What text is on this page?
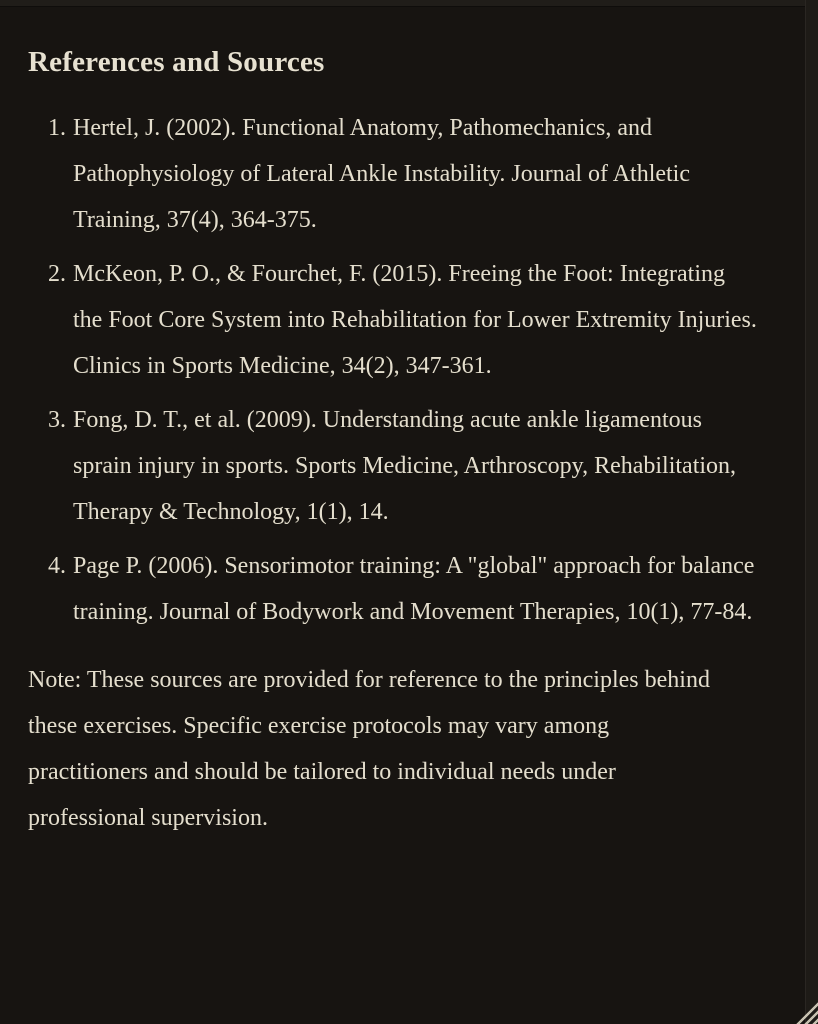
References and Sources
1. Hertel, J. (2002). Functional Anatomy, Pathomechanics, and Pathophysiology of Lateral Ankle Instability. Journal of Athletic Training, 37(4), 364-375.
2. McKeon, P. O., & Fourchet, F. (2015). Freeing the Foot: Integrating the Foot Core System into Rehabilitation for Lower Extremity Injuries. Clinics in Sports Medicine, 34(2), 347-361.
3. Fong, D. T., et al. (2009). Understanding acute ankle ligamentous sprain injury in sports. Sports Medicine, Arthroscopy, Rehabilitation, Therapy & Technology, 1(1), 14.
4. Page P. (2006). Sensorimotor training: A "global" approach for balance training. Journal of Bodywork and Movement Therapies, 10(1), 77-84.

Note: These sources are provided for reference to the principles behind these exercises. Specific exercise protocols may vary among practitioners and should be tailored to individual needs under professional supervision.
